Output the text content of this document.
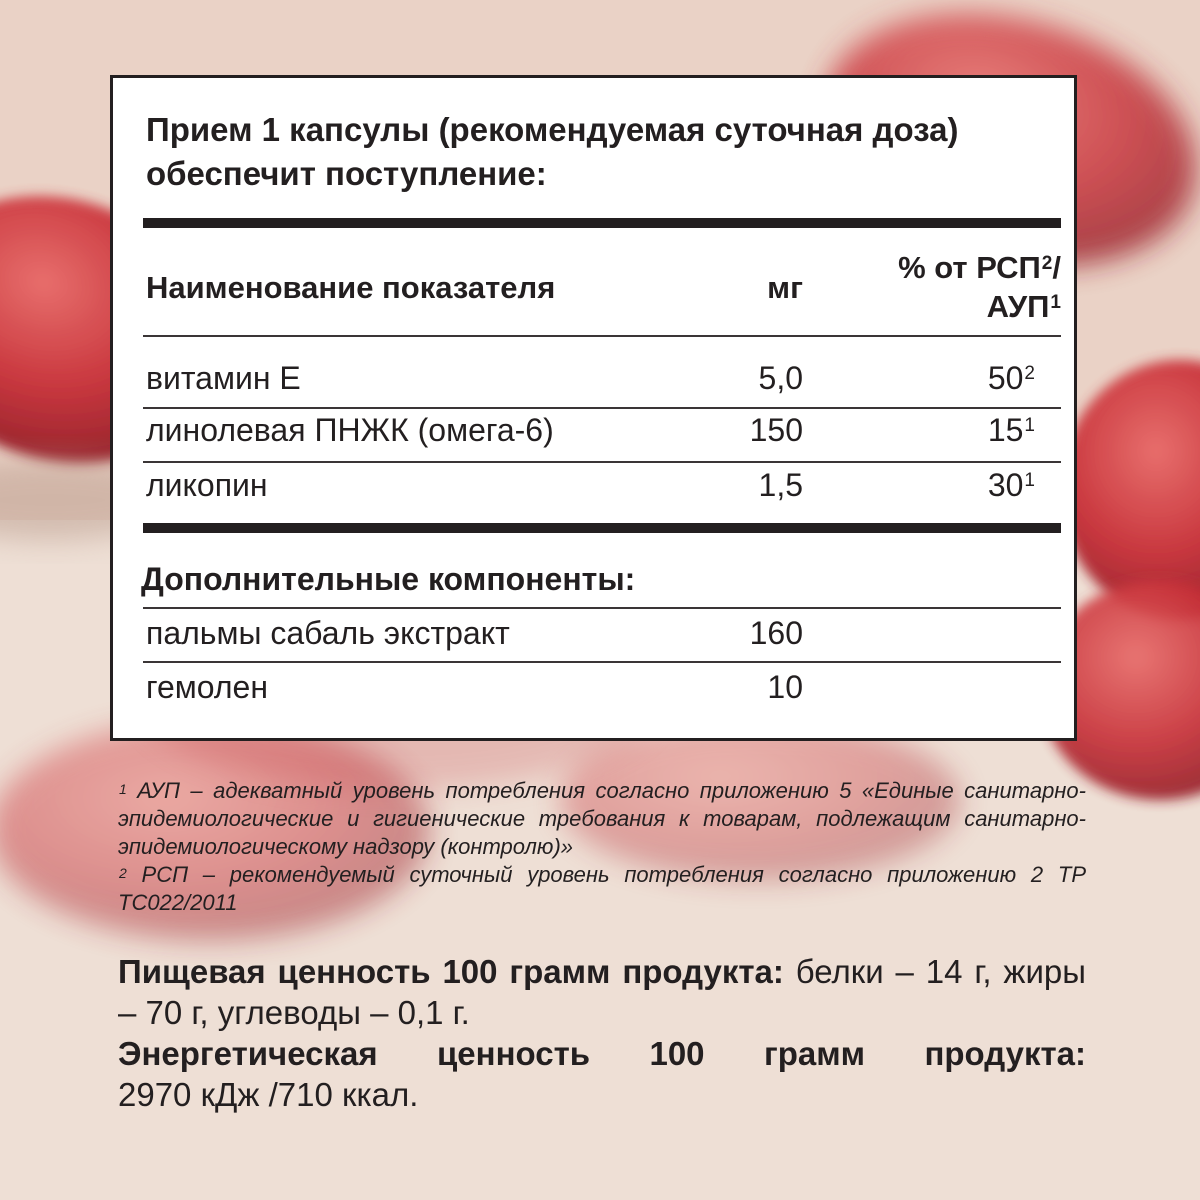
Прием 1 капсулы (рекомендуемая суточная доза) обеспечит поступление:

Наименование показателя	мг
% от РСП$^2$/
АУП$^1$
витамин Е	5,0	$50^2$
линолевая ПНЖК (омега-6)	150	$15^1$
ликопин	1,5	$30^1$
Дополнительные компоненты:
пальмы сабаль экстракт	160
гемолен	10

$^1$ АУП – адекватный уровень потребления согласно приложению 5 «Единые санитарно-эпидемиологические и гигиенические требования к товарам, подлежащим санитарно-эпидемиологическому надзору (контролю)»

$^2$ РСП – рекомендуемый суточный уровень потребления согласно приложению 2 ТР ТС022/2011

Пищевая ценность 100 грамм продукта: белки – 14 г, жиры – 70 г, углеводы – 0,1 г.

Энергетическая ценность 100 грамм продукта:

2970 кДж /710 ккал.
